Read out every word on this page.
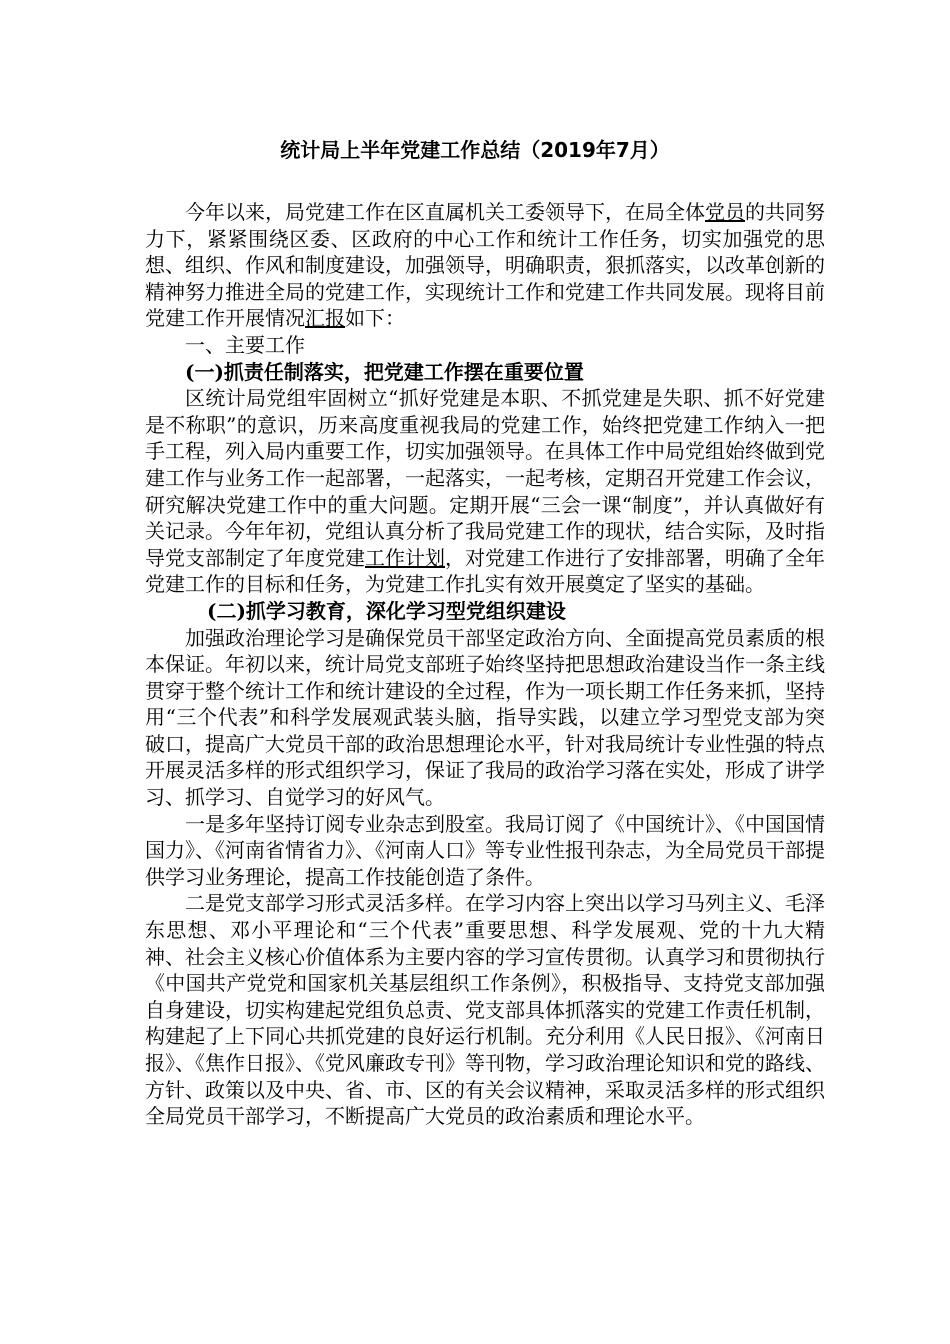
统计局上半年党建工作总结（2019年7月）

今年以来，局党建工作在区直属机关工委领导下，在局全体党员的共同努力下，紧紧围绕区委、区政府的中心工作和统计工作任务，切实加强党的思想、组织、作风和制度建设，加强领导，明确职责，狠抓落实，以改革创新的精神努力推进全局的党建工作，实现统计工作和党建工作共同发展。现将目前党建工作开展情况汇报如下：

一、主要工作

(一)抓责任制落实，把党建工作摆在重要位置

区统计局党组牢固树立“抓好党建是本职、不抓党建是失职、抓不好党建是不称职”的意识，历来高度重视我局的党建工作，始终把党建工作纳入一把手工程，列入局内重要工作，切实加强领导。在具体工作中局党组始终做到党建工作与业务工作一起部署，一起落实，一起考核，定期召开党建工作会议，研究解决党建工作中的重大问题。定期开展“三会一课“制度”，并认真做好有关记录。今年年初，党组认真分析了我局党建工作的现状，结合实际，及时指导党支部制定了年度党建工作计划，对党建工作进行了安排部署，明确了全年党建工作的目标和任务，为党建工作扎实有效开展奠定了坚实的基础。

(二)抓学习教育，深化学习型党组织建设

加强政治理论学习是确保党员干部坚定政治方向、全面提高党员素质的根本保证。年初以来，统计局党支部班子始终坚持把思想政治建设当作一条主线贯穿于整个统计工作和统计建设的全过程，作为一项长期工作任务来抓，坚持用“三个代表”和科学发展观武装头脑，指导实践，以建立学习型党支部为突破口，提高广大党员干部的政治思想理论水平，针对我局统计专业性强的特点开展灵活多样的形式组织学习，保证了我局的政治学习落在实处，形成了讲学习、抓学习、自觉学习的好风气。

一是多年坚持订阅专业杂志到股室。我局订阅了《中国统计》、《中国国情国力》、《河南省情省力》、《河南人口》等专业性报刊杂志，为全局党员干部提供学习业务理论，提高工作技能创造了条件。

二是党支部学习形式灵活多样。在学习内容上突出以学习马列主义、毛泽东思想、邓小平理论和“三个代表”重要思想、科学发展观、党的十九大精神、社会主义核心价值体系为主要内容的学习宣传贯彻。认真学习和贯彻执行《中国共产党党和国家机关基层组织工作条例》，积极指导、支持党支部加强自身建设，切实构建起党组负总责、党支部具体抓落实的党建工作责任机制，构建起了上下同心共抓党建的良好运行机制。充分利用《人民日报》、《河南日报》、《焦作日报》、《党风廉政专刊》等刊物，学习政治理论知识和党的路线、方针、政策以及中央、省、市、区的有关会议精神，采取灵活多样的形式组织全局党员干部学习，不断提高广大党员的政治素质和理论水平。
